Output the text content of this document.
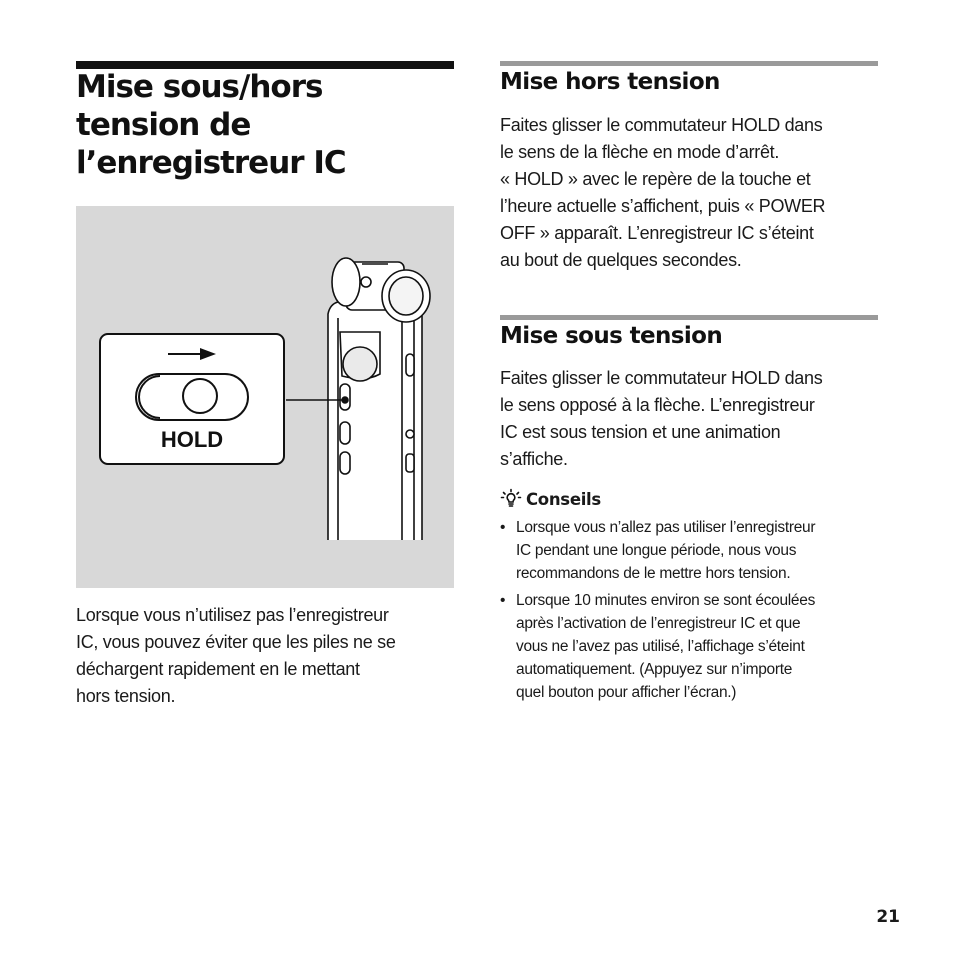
Mise sous/hors
tension de
l’enregistreur IC
HOLD

Lorsque vous n’utilisez pas l’enregistreur
IC, vous pouvez éviter que les piles ne se
déchargent rapidement en le mettant
hors tension.

Mise hors tension

Faites glisser le commutateur HOLD dans
le sens de la flèche en mode d’arrêt.
« HOLD » avec le repère de la touche et
l’heure actuelle s’affichent, puis « POWER
OFF » apparaît. L’enregistreur IC s’éteint
au bout de quelques secondes.

Mise sous tension

Faites glisser le commutateur HOLD dans
le sens opposé à la flèche. L’enregistreur
IC est sous tension et une animation
s’affiche.

Conseils
• Lorsque vous n’allez pas utiliser l’enregistreur
IC pendant une longue période, nous vous
recommandons de le mettre hors tension.
• Lorsque 10 minutes environ se sont écoulées
après l’activation de l’enregistreur IC et que
vous ne l’avez pas utilisé, l’affichage s’éteint
automatiquement. (Appuyez sur n’importe
quel bouton pour afficher l’écran.)
21
